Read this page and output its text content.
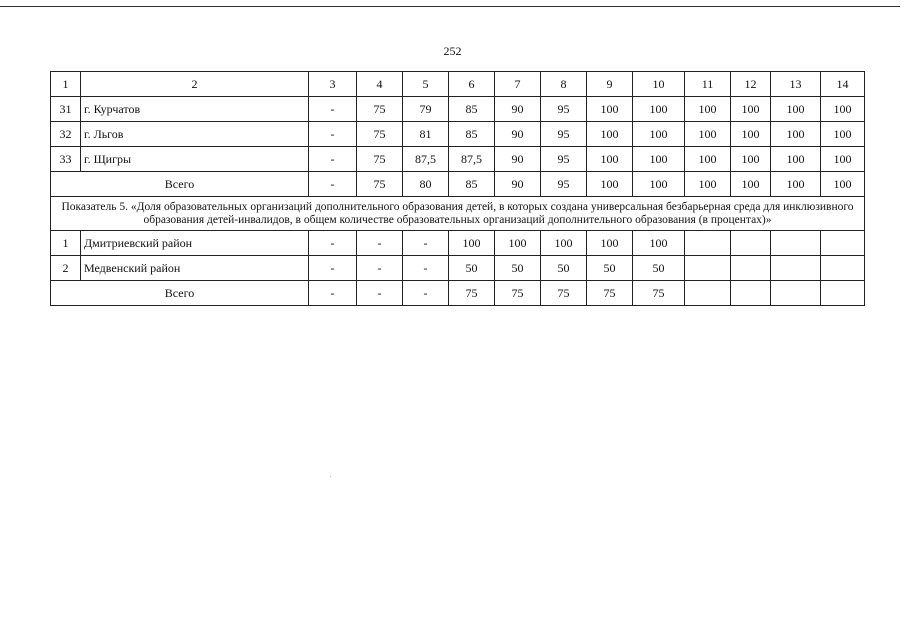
252
1	2	3	4	5	6	7	8	9	10	11	12	13	14
31	г. Курчатов	-	75	79	85	90	95	100	100	100	100	100	100
32	г. Льгов	-	75	81	85	90	95	100	100	100	100	100	100
33	г. Щигры	-	75	87,5	87,5	90	95	100	100	100	100	100	100
Всего		-	75	80	85	90	95	100	100	100	100	100	100
Показатель 5. «Доля образовательных организаций дополнительного образования детей, в которых создана универсальная безбарьерная среда для инклюзивного образования детей-инвалидов, в общем количестве образовательных организаций дополнительного образования (в процентах)»													
1	Дмитриевский район	-	-	-	100	100	100	100	100				
2	Медвенский район	-	-	-	50	50	50	50	50				
Всего		-	-	-	75	75	75	75	75				
